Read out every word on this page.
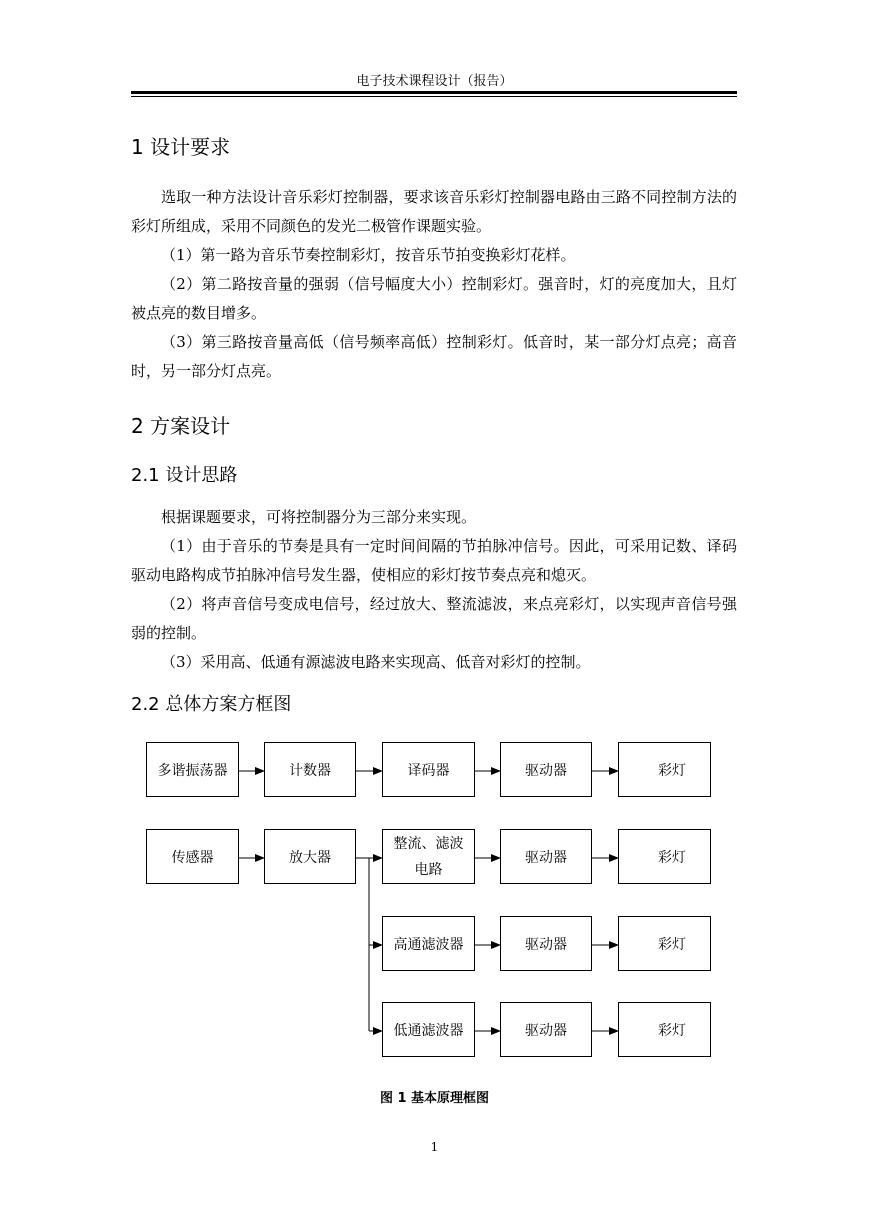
电子技术课程设计（报告）
1 设计要求

选取一种方法设计音乐彩灯控制器，要求该音乐彩灯控制器电路由三路不同控制方法的彩灯所组成，采用不同颜色的发光二极管作课题实验。

（1）第一路为音乐节奏控制彩灯，按音乐节拍变换彩灯花样。

（2）第二路按音量的强弱（信号幅度大小）控制彩灯。强音时，灯的亮度加大，且灯被点亮的数目增多。

（3）第三路按音量高低（信号频率高低）控制彩灯。低音时，某一部分灯点亮；高音时，另一部分灯点亮。

2 方案设计
2.1 设计思路

根据课题要求，可将控制器分为三部分来实现。

（1）由于音乐的节奏是具有一定时间间隔的节拍脉冲信号。因此，可采用记数、译码驱动电路构成节拍脉冲信号发生器，使相应的彩灯按节奏点亮和熄灭。

（2）将声音信号变成电信号，经过放大、整流滤波，来点亮彩灯，以实现声音信号强弱的控制。

（3）采用高、低通有源滤波电路来实现高、低音对彩灯的控制。

2.2 总体方案方框图
多谐振荡器	计数器	译码器	驱动器	彩灯
传感器	放大器
整流、滤波
电路
驱动器	彩灯
高通滤波器	驱动器	彩灯
低通滤波器	驱动器	彩灯
图 1 基本原理框图
1
